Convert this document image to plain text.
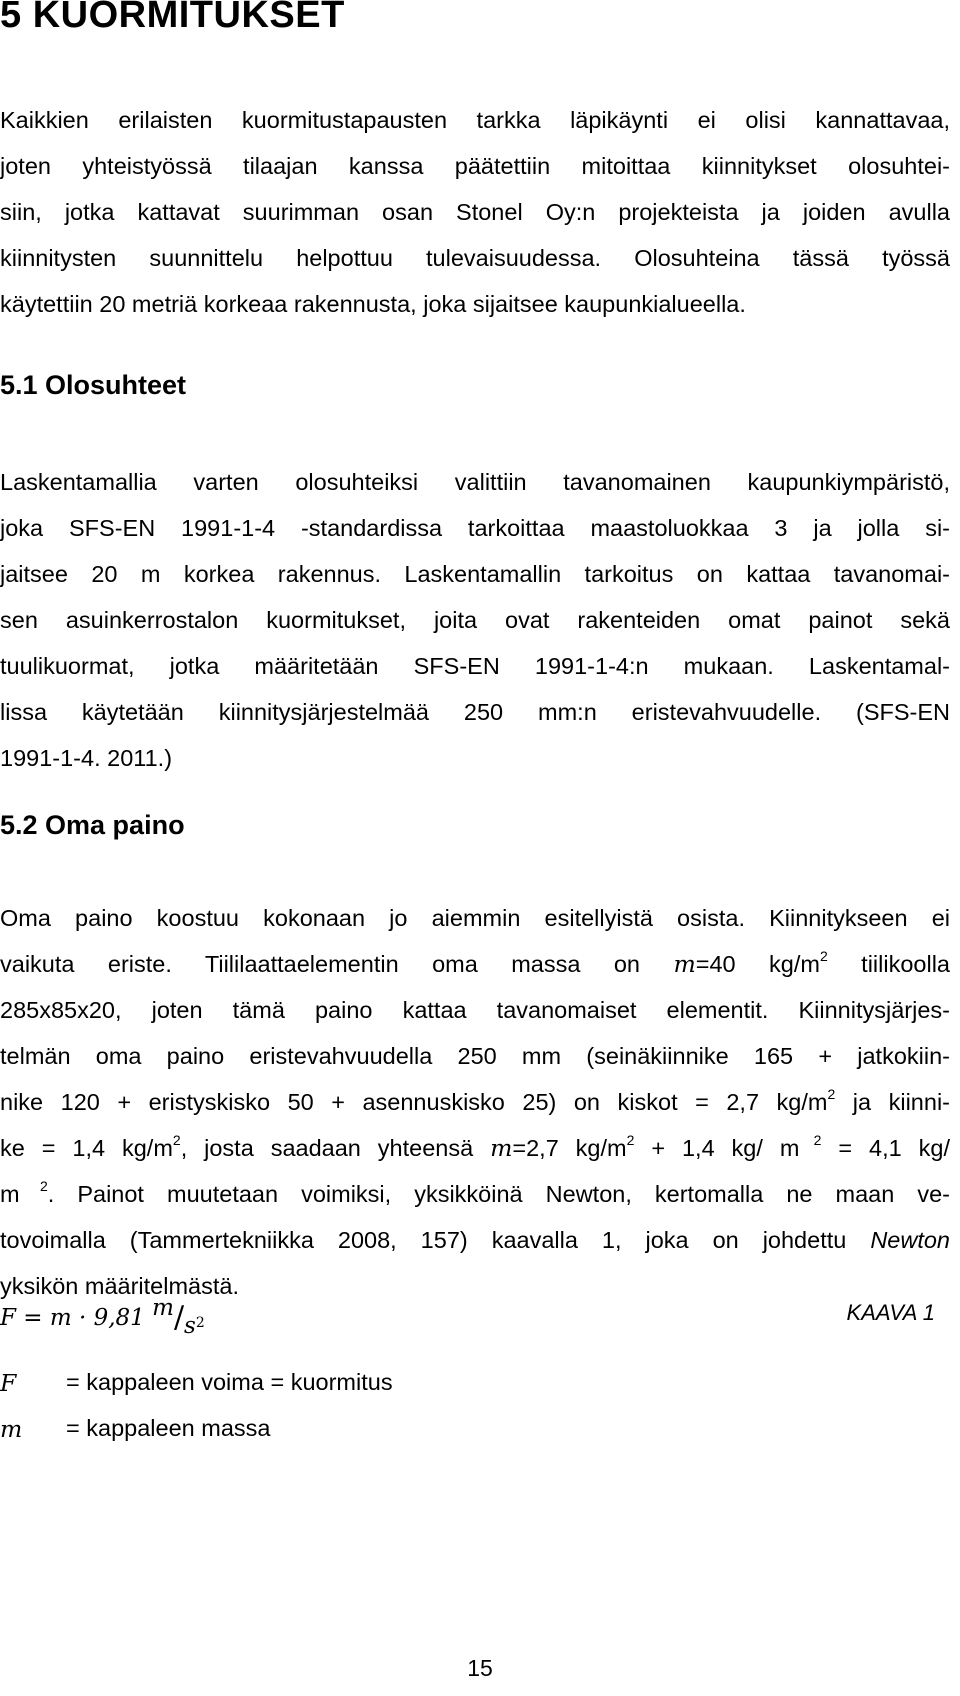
5 KUORMITUKSET
Kaikkien erilaisten kuormitustapausten tarkka läpikäynti ei olisi kannattavaa,
joten yhteistyössä tilaajan kanssa päätettiin mitoittaa kiinnitykset olosuhtei-
siin, jotka kattavat suurimman osan Stonel Oy:n projekteista ja joiden avulla
kiinnitysten suunnittelu helpottuu tulevaisuudessa. Olosuhteina tässä työssä
käytettiin 20 metriä korkeaa rakennusta, joka sijaitsee kaupunkialueella.
5.1 Olosuhteet
Laskentamallia varten olosuhteiksi valittiin tavanomainen kaupunkiympäristö,
joka SFS-EN 1991-1-4 -standardissa tarkoittaa maastoluokkaa 3 ja jolla si-
jaitsee 20 m korkea rakennus. Laskentamallin tarkoitus on kattaa tavanomai-
sen asuinkerrostalon kuormitukset, joita ovat rakenteiden omat painot sekä
tuulikuormat, jotka määritetään SFS-EN 1991-1-4:n mukaan. Laskentamal-
lissa käytetään kiinnitysjärjestelmää 250 mm:n eristevahvuudelle. (SFS-EN
1991-1-4. 2011.)
5.2 Oma paino
Oma paino koostuu kokonaan jo aiemmin esitellyistä osista. Kiinnitykseen ei
vaikuta eriste. Tiililaattaelementin oma massa on m=40 $kg/m^2$ tiilikoolla
285x85x20, joten tämä paino kattaa tavanomaiset elementit. Kiinnitysjärjes-
telmän oma paino eristevahvuudella 250 mm (seinäkiinnike 165 + jatkokiin-
nike 120 + eristyskisko 50 + asennuskisko 25) on kiskot = 2,7 $kg/m^2$ ja kiinni-
ke = 1,4 $kg/m^2$, josta saadaan yhteensä m=2,7 $kg/m^2 + 1,4$ kg/ m $^2$ = 4,1 kg/
m $^2$. Painot muutetaan voimiksi, yksikköinä Newton, kertomalla ne maan ve-
tovoimalla (Tammertekniikka 2008, 157) kaavalla 1, joka on johdettu Newton
yksikön määritelmästä.
F = m · 9,81 m/s2	KAAVA 1
F = kappaleen voima = kuormitus
m = kappaleen massa
15
